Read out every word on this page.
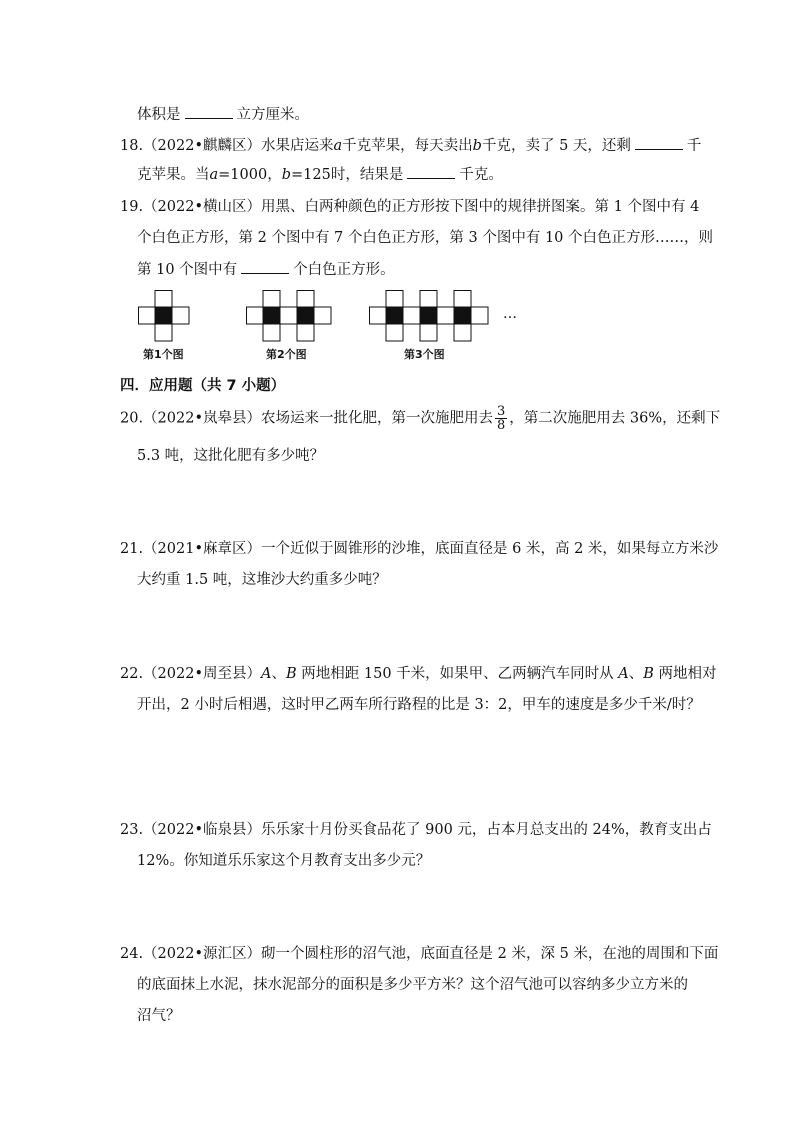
体积是	立方厘米。
18.（2022•麒麟区）水果店运来a千克苹果，每天卖出b千克，卖了 5 天，还剩	千
克苹果。当a=1000，b=125时，结果是	千克。
19.（2022•横山区）用黑、白两种颜色的正方形按下图中的规律拼图案。第 1 个图中有 4
个白色正方形，第 2 个图中有 7 个白色正方形，第 3 个图中有 10 个白色正方形……，则
第 10 个图中有	个白色正方形。
第1个图	第2个图	第3个图
…
四．应用题（共 7 小题）
20.（2022•岚皋县）农场运来一批化肥，第一次施肥用去 $\frac{3}{8}$ ，第二次施肥用去 36%，还剩下
5.3 吨，这批化肥有多少吨？
21.（2021•麻章区）一个近似于圆锥形的沙堆，底面直径是 6 米，高 2 米，如果每立方米沙
大约重 1.5 吨，这堆沙大约重多少吨？
22.（2022•周至县）A、B 两地相距 150 千米，如果甲、乙两辆汽车同时从 A、B 两地相对
开出，2 小时后相遇，这时甲乙两车所行路程的比是 3：2，甲车的速度是多少千米/时？
23.（2022•临泉县）乐乐家十月份买食品花了 900 元，占本月总支出的 24%，教育支出占
12%。你知道乐乐家这个月教育支出多少元？
24.（2022•源汇区）砌一个圆柱形的沼气池，底面直径是 2 米，深 5 米，在池的周围和下面
的底面抹上水泥，抹水泥部分的面积是多少平方米？这个沼气池可以容纳多少立方米的
沼气？
